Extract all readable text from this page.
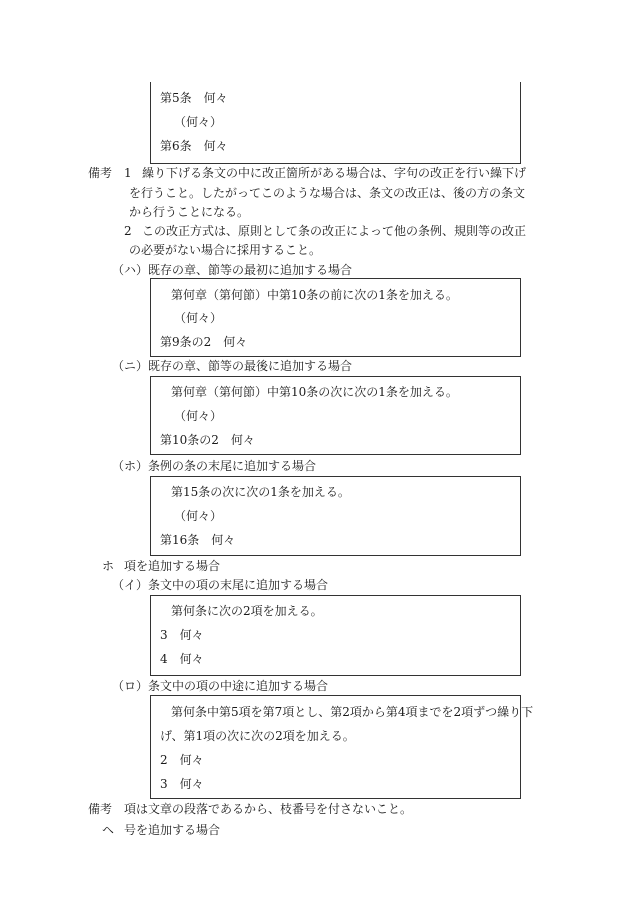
第5条　何々
（何々）
第6条　何々
備考 1 繰り下げる条文の中に改正箇所がある場合は、字句の改正を行い繰下げ
を行うこと。したがってこのような場合は、条文の改正は、後の方の条文
から行うことになる。
2 この改正方式は、原則として条の改正によって他の条例、規則等の改正
の必要がない場合に採用すること。
（ハ） 既存の章、節等の最初に追加する場合
第何章（第何節）中第10条の前に次の1条を加える。
（何々）
第9条の2　何々
（ニ） 既存の章、節等の最後に追加する場合
第何章（第何節）中第10条の次に次の1条を加える。
（何々）
第10条の2　何々
（ホ） 条例の条の末尾に追加する場合
第15条の次に次の1条を加える。
（何々）
第16条　何々
ホ 項を追加する場合
（イ） 条文中の項の末尾に追加する場合
第何条に次の2項を加える。
3　何々
4　何々
（ロ） 条文中の項の中途に追加する場合
第何条中第5項を第7項とし、第2項から第4項までを2項ずつ繰り下
げ、第1項の次に次の2項を加える。
2　何々
3　何々
備考 項は文章の段落であるから、枝番号を付さないこと。
ヘ 号を追加する場合
